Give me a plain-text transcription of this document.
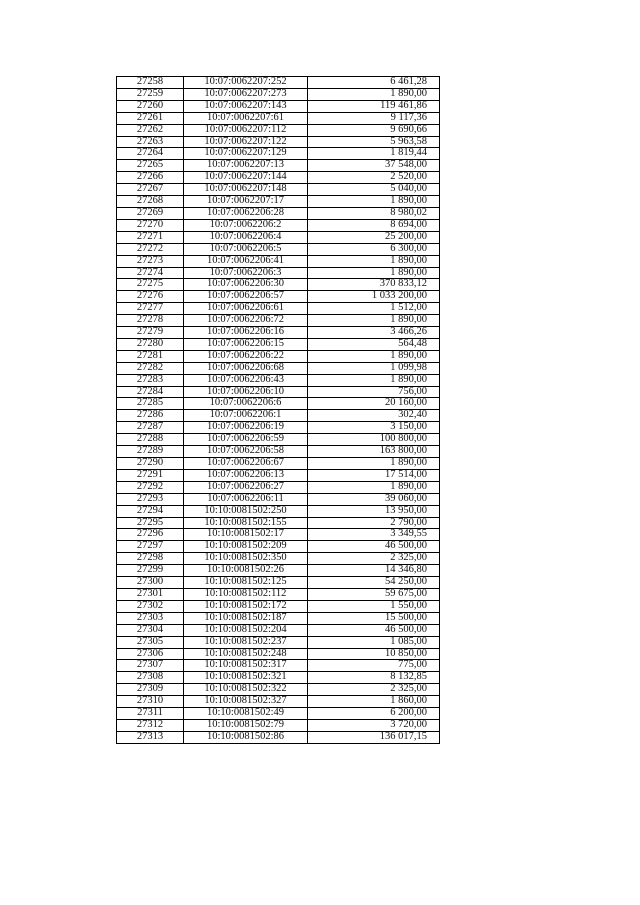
27258	10:07:0062207:252	6 461,28
27259	10:07:0062207:273	1 890,00
27260	10:07:0062207:143	119 461,86
27261	10:07:0062207:61	9 117,36
27262	10:07:0062207:112	9 690,66
27263	10:07:0062207:122	5 963,58
27264	10:07:0062207:129	1 819,44
27265	10:07:0062207:13	37 548,00
27266	10:07:0062207:144	2 520,00
27267	10:07:0062207:148	5 040,00
27268	10:07:0062207:17	1 890,00
27269	10:07:0062206:28	8 980,02
27270	10:07:0062206:2	8 694,00
27271	10:07:0062206:4	25 200,00
27272	10:07:0062206:5	6 300,00
27273	10:07:0062206:41	1 890,00
27274	10:07:0062206:3	1 890,00
27275	10:07:0062206:30	370 833,12
27276	10:07:0062206:57	1 033 200,00
27277	10:07:0062206:61	1 512,00
27278	10:07:0062206:72	1 890,00
27279	10:07:0062206:16	3 466,26
27280	10:07:0062206:15	564,48
27281	10:07:0062206:22	1 890,00
27282	10:07:0062206:68	1 099,98
27283	10:07:0062206:43	1 890,00
27284	10:07:0062206:10	756,00
27285	10:07:0062206:6	20 160,00
27286	10:07:0062206:1	302,40
27287	10:07:0062206:19	3 150,00
27288	10:07:0062206:59	100 800,00
27289	10:07:0062206:58	163 800,00
27290	10:07:0062206:67	1 890,00
27291	10:07:0062206:13	17 514,00
27292	10:07:0062206:27	1 890,00
27293	10:07:0062206:11	39 060,00
27294	10:10:0081502:250	13 950,00
27295	10:10:0081502:155	2 790,00
27296	10:10:0081502:17	3 349,55
27297	10:10:0081502:209	46 500,00
27298	10:10:0081502:350	2 325,00
27299	10:10:0081502:26	14 346,80
27300	10:10:0081502:125	54 250,00
27301	10:10:0081502:112	59 675,00
27302	10:10:0081502:172	1 550,00
27303	10:10:0081502:187	15 500,00
27304	10:10:0081502:204	46 500,00
27305	10:10:0081502:237	1 085,00
27306	10:10:0081502:248	10 850,00
27307	10:10:0081502:317	775,00
27308	10:10:0081502:321	8 132,85
27309	10:10:0081502:322	2 325,00
27310	10:10:0081502:327	1 860,00
27311	10:10:0081502:49	6 200,00
27312	10:10:0081502:79	3 720,00
27313	10:10:0081502:86	136 017,15
